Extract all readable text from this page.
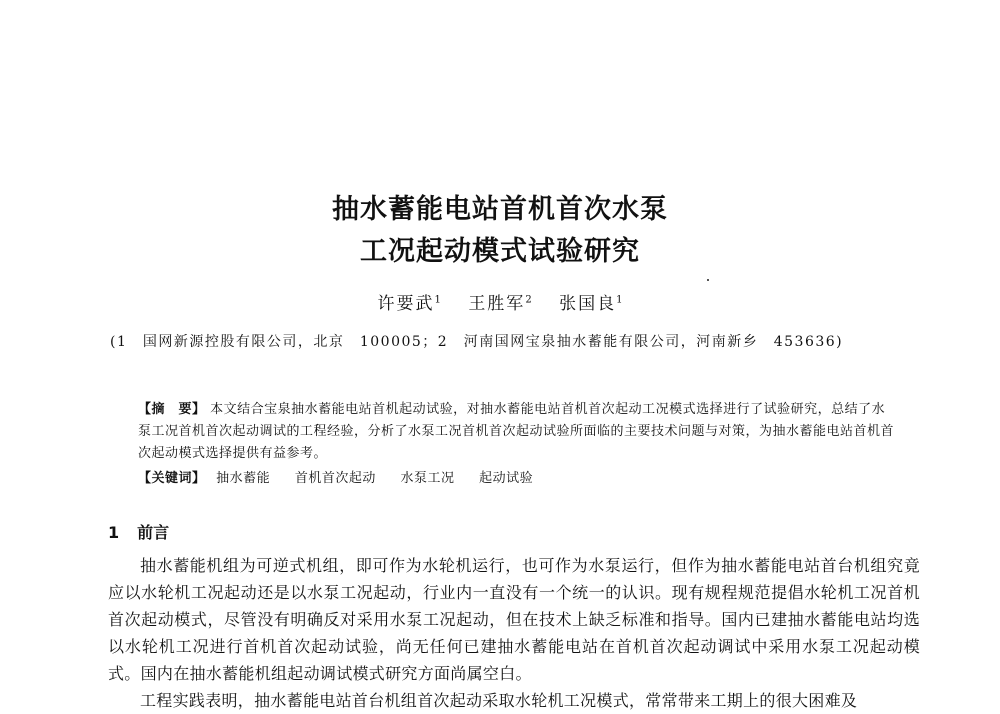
抽水蓄能电站首机首次水泵
工况起动模式试验研究
许要武$^1$ 王胜军$^2$ 张国良$^1$
(1　国网新源控股有限公司，北京　100005；2　河南国网宝泉抽水蓄能有限公司，河南新乡　453636)
【摘　要】 本文结合宝泉抽水蓄能电站首机起动试验，对抽水蓄能电站首机首次起动工况模式选择进行了试验研究，总结了水泵工况首机首次起动调试的工程经验，分析了水泵工况首机首次起动试验所面临的主要技术问题与对策，为抽水蓄能电站首机首次起动模式选择提供有益参考。
【关键词】 抽水蓄能 首机首次起动 水泵工况 起动试验
1 前言

抽水蓄能机组为可逆式机组，即可作为水轮机运行，也可作为水泵运行，但作为抽水蓄能电站首台机组究竟应以水轮机工况起动还是以水泵工况起动，行业内一直没有一个统一的认识。现有规程规范提倡水轮机工况首机首次起动模式，尽管没有明确反对采用水泵工况起动，但在技术上缺乏标准和指导。国内已建抽水蓄能电站均选以水轮机工况进行首机首次起动试验，尚无任何已建抽水蓄能电站在首机首次起动调试中采用水泵工况起动模式。国内在抽水蓄能机组起动调试模式研究方面尚属空白。

工程实践表明，抽水蓄能电站首台机组首次起动采取水轮机工况模式，常常带来工期上的很大困难及
